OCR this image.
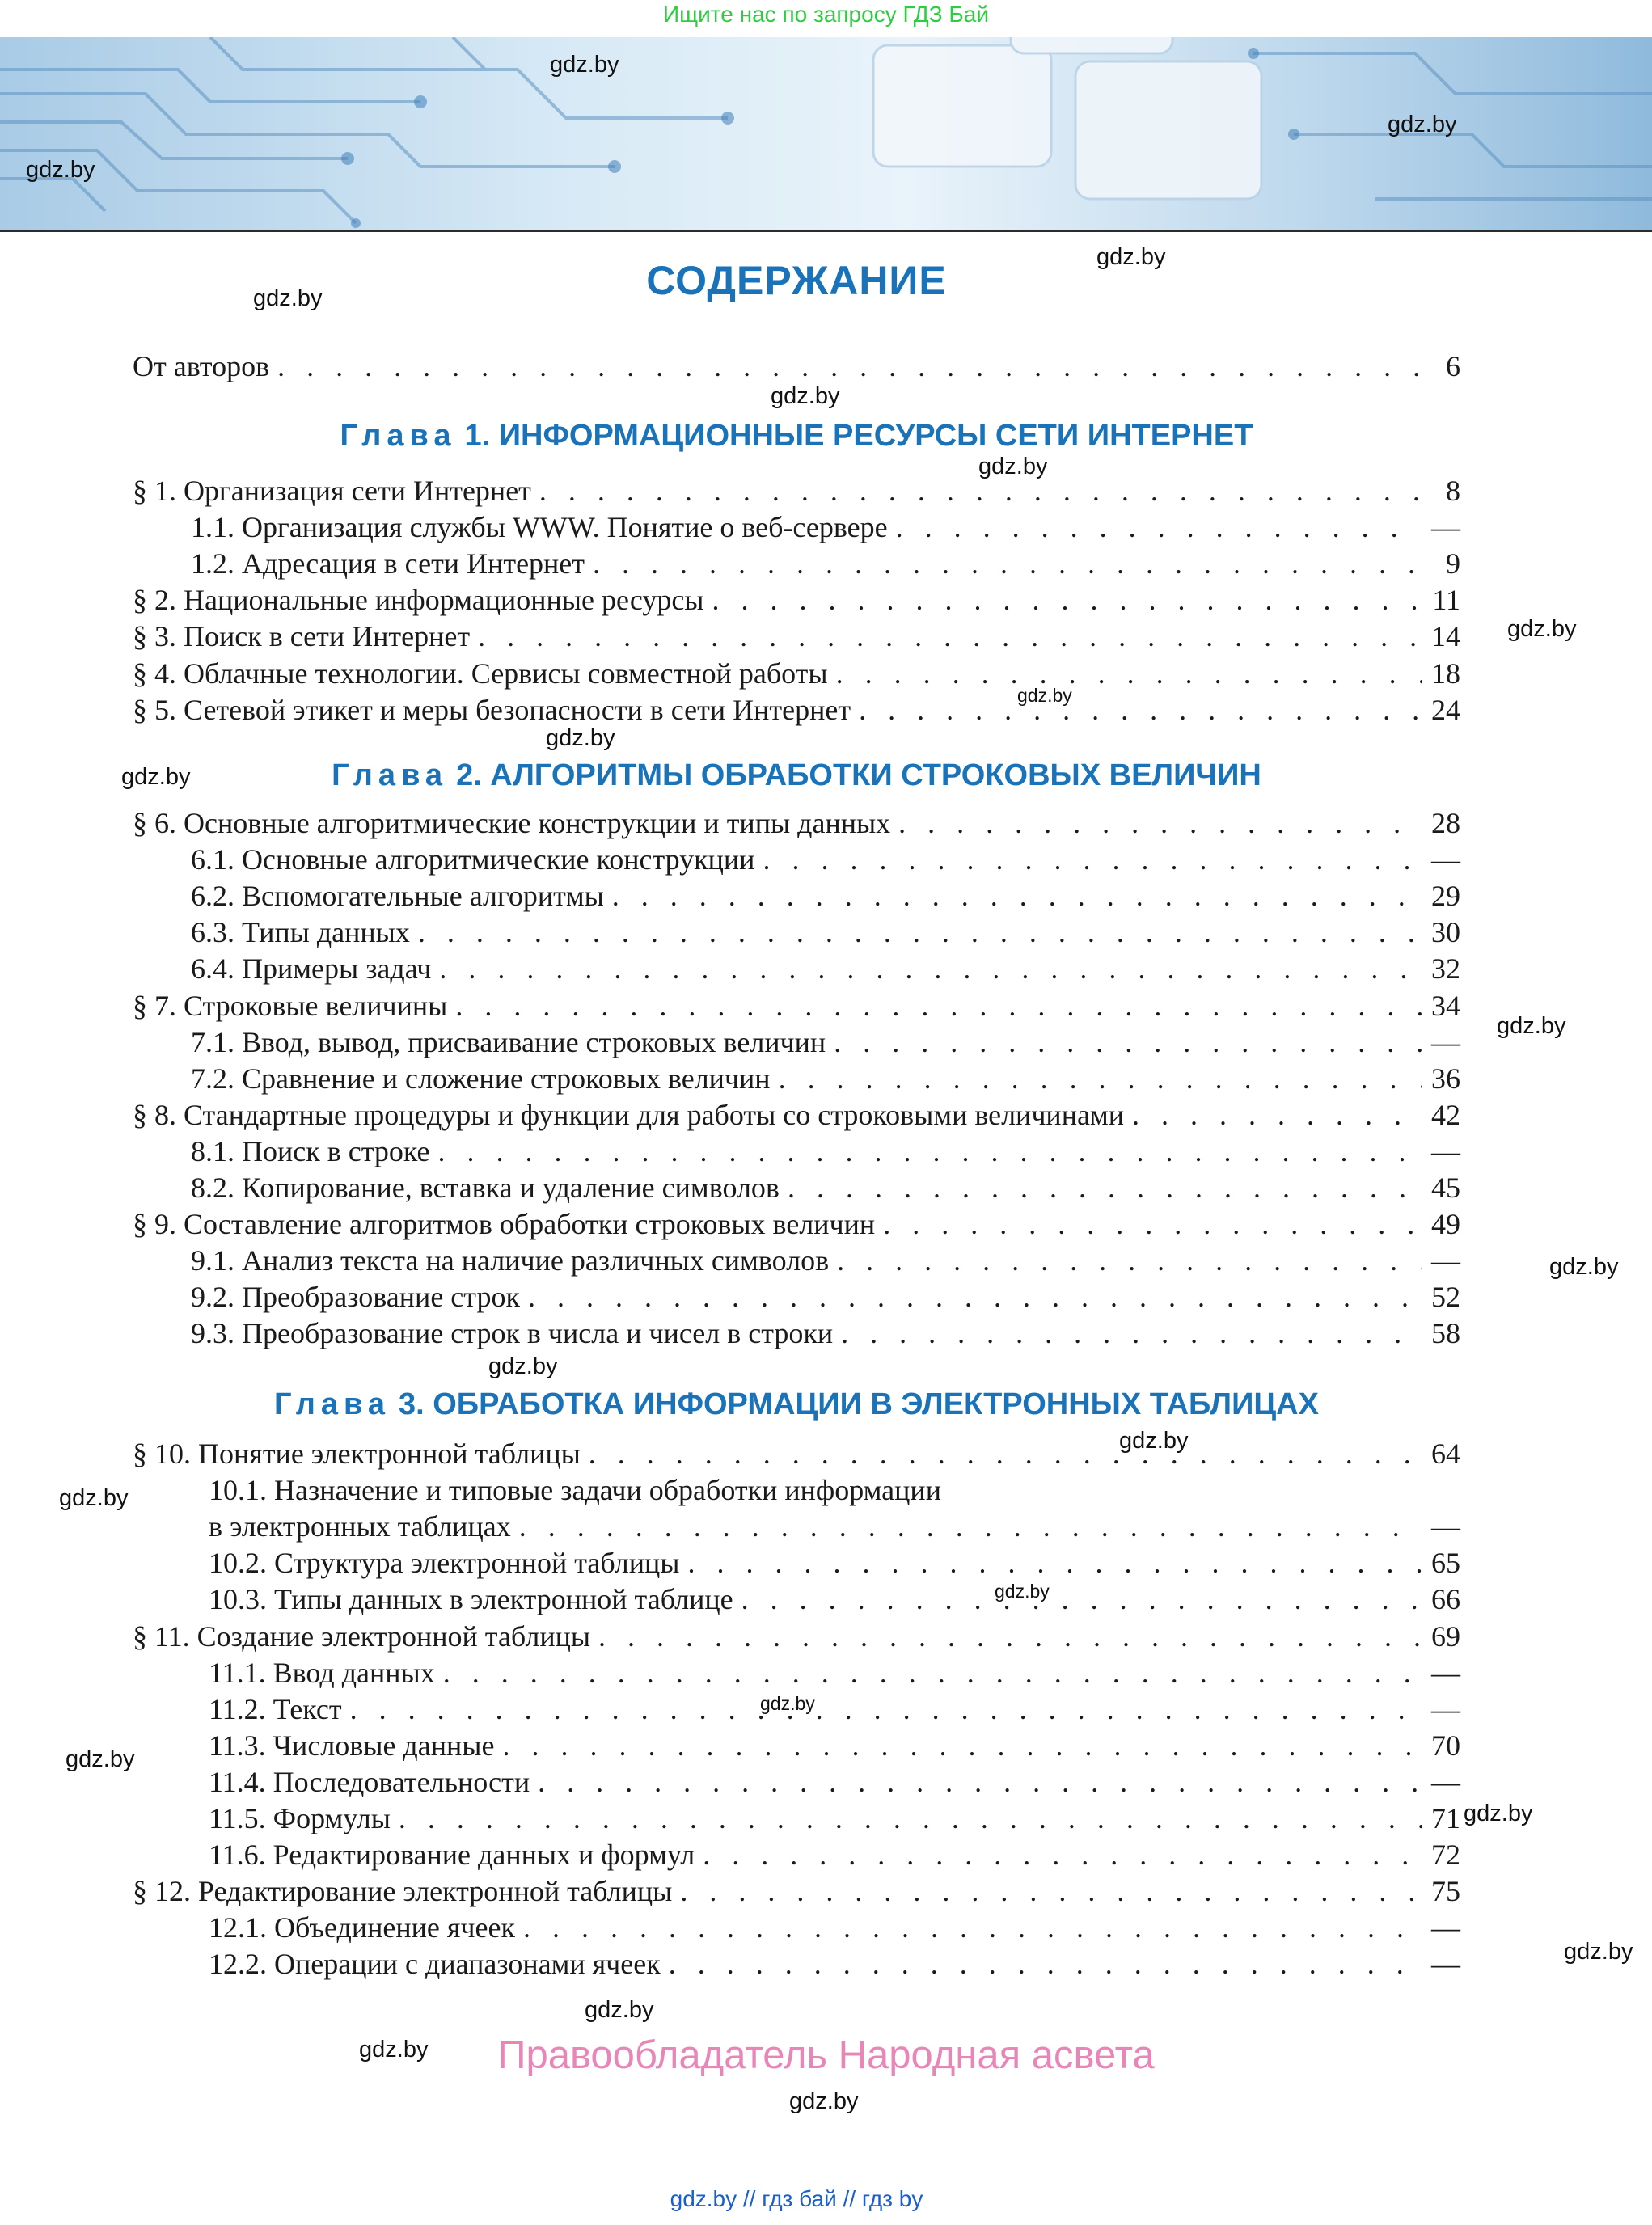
Ищите нас по запросу ГДЗ Бай
gdz.by
gdz.by
gdz.by
gdz.by
gdz.by
gdz.by
gdz.by
gdz.by
gdz.by
gdz.by
gdz.by
gdz.by
gdz.by
gdz.by
gdz.by
gdz.by
gdz.by
gdz.by
gdz.by
gdz.by
gdz.by
gdz.by
gdz.by
gdz.by
СОДЕРЖАНИЕ
От авторов . . .	6
Глава 1. ИНФОРМАЦИОННЫЕ РЕСУРСЫ СЕТИ ИНТЕРНЕТ
§ 1. Организация сети Интернет . . .	8
1.1. Организация службы WWW. Понятие о веб-сервере . . .	—
1.2. Адресация в сети Интернет . . .	9
§ 2. Национальные информационные ресурсы . . .	11
§ 3. Поиск в сети Интернет . . .	14
§ 4. Облачные технологии. Сервисы совместной работы . . .	18
§ 5. Сетевой этикет и меры безопасности в сети Интернет . . .	24
Глава 2. АЛГОРИТМЫ ОБРАБОТКИ СТРОКОВЫХ ВЕЛИЧИН
§ 6. Основные алгоритмические конструкции и типы данных . . .	28
6.1. Основные алгоритмические конструкции . . .	—
6.2. Вспомогательные алгоритмы . . .	29
6.3. Типы данных . . .	30
6.4. Примеры задач . . .	32
§ 7. Строковые величины . . .	34
7.1. Ввод, вывод, присваивание строковых величин . . .	—
7.2. Сравнение и сложение строковых величин . . .	36
§ 8. Стандартные процедуры и функции для работы со строковыми величинами . . .	42
8.1. Поиск в строке . . .	—
8.2. Копирование, вставка и удаление символов . . .	45
§ 9. Составление алгоритмов обработки строковых величин . . .	49
9.1. Анализ текста на наличие различных символов . . .	—
9.2. Преобразование строк . . .	52
9.3. Преобразование строк в числа и чисел в строки . . .	58
Глава 3. ОБРАБОТКА ИНФОРМАЦИИ В ЭЛЕКТРОННЫХ ТАБЛИЦАХ
§ 10. Понятие электронной таблицы . . .	64
10.1. Назначение и типовые задачи обработки информации
в электронных таблицах . . .	—
10.2. Структура электронной таблицы . . .	65
10.3. Типы данных в электронной таблице . . .	66
§ 11. Создание электронной таблицы . . .	69
11.1. Ввод данных . . .	—
11.2. Текст . . .	—
11.3. Числовые данные . . .	70
11.4. Последовательности . . .	—
11.5. Формулы . . .	71
11.6. Редактирование данных и формул . . .	72
§ 12. Редактирование электронной таблицы . . .	75
12.1. Объединение ячеек . . .	—
12.2. Операции с диапазонами ячеек . . .	—
Правообладатель Народная асвета
gdz.by // гдз бай // гдз by
